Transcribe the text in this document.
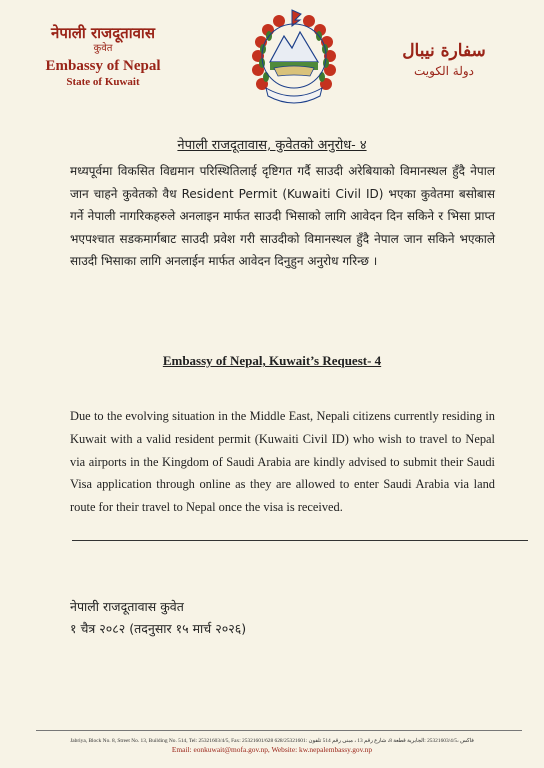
नेपाली राजदूतावास
कुवेत
Embassy of Nepal
State of Kuwait
سفارة نيبال
دولة الكويت
नेपाली राजदूतावास, कुवेतको अनुरोध- ४
मध्यपूर्वमा विकसित विद्यमान परिस्थितिलाई दृष्टिगत गर्दै साउदी अरेबियाको विमानस्थल हुँदै नेपाल जान चाहने कुवेतको वैध Resident Permit (Kuwaiti Civil ID) भएका कुवेतमा बसोबास गर्ने नेपाली नागरिकहरुले अनलाइन मार्फत साउदी भिसाको लागि आवेदन दिन सकिने र भिसा प्राप्त भएपश्चात सडकमार्गबाट साउदी प्रवेश गरी साउदीको विमानस्थल हुँदै नेपाल जान सकिने भएकाले साउदी भिसाका लागि अनलाईन मार्फत आवेदन दिनुहुन अनुरोध गरिन्छ ।
Embassy of Nepal, Kuwait’s Request- 4
Due to the evolving situation in the Middle East, Nepali citizens currently residing in Kuwait with a valid resident permit (Kuwaiti Civil ID) who wish to travel to Nepal via airports in the Kingdom of Saudi Arabia are kindly advised to submit their Saudi Visa application through online as they are allowed to enter Saudi Arabia via land route for their travel to Nepal once the visa is received.
नेपाली राजदूतावास कुवेत
१ चैत्र २०८२ (तदनुसार १५ मार्च २०२६)
Jabriya, Block No. 8, Street No. 13, Building No. 514, Tel: 25321603/4/5, Fax: 25321601/628 628/25321601: فاكس ،25321603/4/5 :الجابرية قطعة 8، شارع رقم 13 ، مبنى رقم 514 تلفون
Email: eonkuwait@mofa.gov.np, Website: kw.nepalembassy.gov.np
